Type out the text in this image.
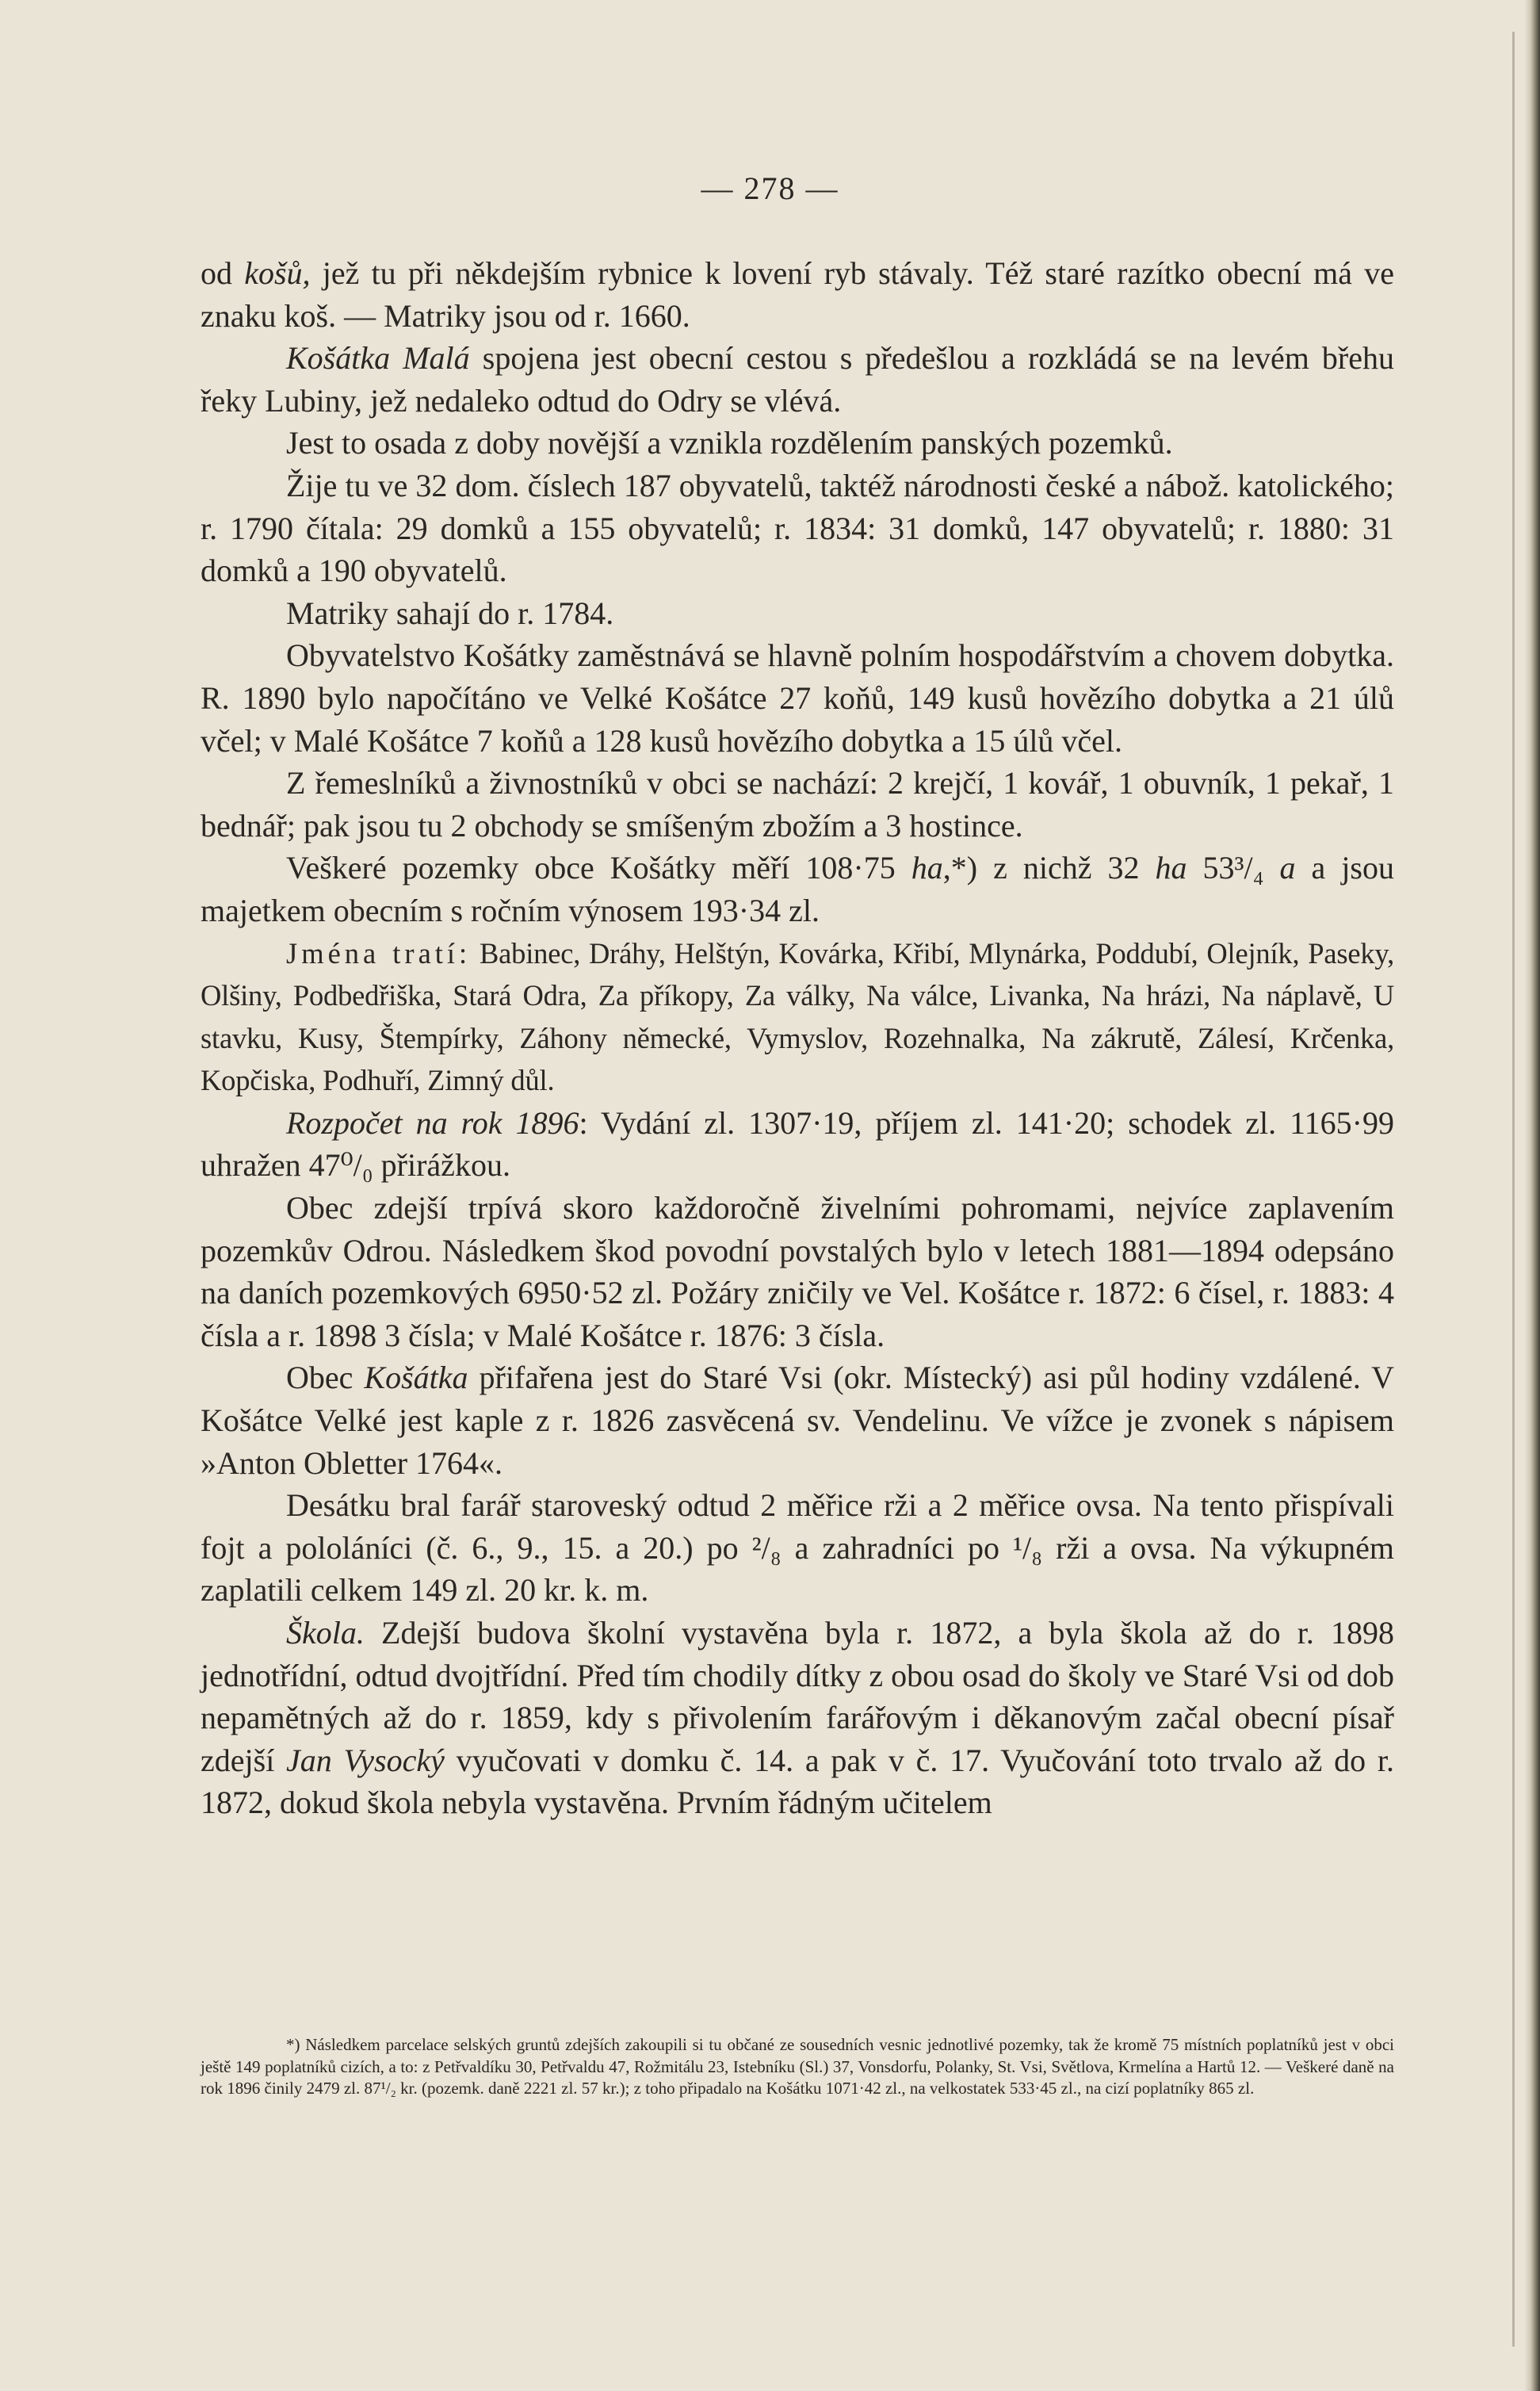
— 278 —

od košů, jež tu při někdejším rybnice k lovení ryb stávaly. Též staré razítko obecní má ve znaku koš. — Matriky jsou od r. 1660.

Košátka Malá spojena jest obecní cestou s předešlou a rozkládá se na levém břehu řeky Lubiny, jež nedaleko odtud do Odry se vlévá.

Jest to osada z doby novější a vznikla rozdělením panských pozemků.

Žije tu ve 32 dom. číslech 187 obyvatelů, taktéž národnosti české a nábož. katolického; r. 1790 čítala: 29 domků a 155 obyvatelů; r. 1834: 31 domků, 147 obyvatelů; r. 1880: 31 domků a 190 obyvatelů.

Matriky sahají do r. 1784.

Obyvatelstvo Košátky zaměstnává se hlavně polním hospodářstvím a chovem dobytka. R. 1890 bylo napočítáno ve Velké Košátce 27 koňů, 149 kusů hovězího dobytka a 21 úlů včel; v Malé Košátce 7 koňů a 128 kusů hovězího dobytka a 15 úlů včel.

Z řemeslníků a živnostníků v obci se nachází: 2 krejčí, 1 kovář, 1 obuvník, 1 pekař, 1 bednář; pak jsou tu 2 obchody se smíšeným zbožím a 3 hostince.

Veškeré pozemky obce Košátky měří 108·75 ha,*) z nichž 32 ha 53³/₄ a a jsou majetkem obecním s ročním výnosem 193·34 zl.

Jména tratí: Babinec, Dráhy, Helštýn, Kovárka, Křibí, Mlynárka, Poddubí, Olejník, Paseky, Olšiny, Podbedřiška, Stará Odra, Za příkopy, Za války, Na válce, Livanka, Na hrázi, Na náplavě, U stavku, Kusy, Štempírky, Záhony německé, Vymyslov, Rozehnalka, Na zákrutě, Zálesí, Krčenka, Kopčiska, Podhuří, Zimný důl.

Rozpočet na rok 1896: Vydání zl. 1307·19, příjem zl. 141·20; schodek zl. 1165·99 uhražen 47⁰/₀ přirážkou.

Obec zdejší trpívá skoro každoročně živelními pohromami, nejvíce zaplavením pozemkův Odrou. Následkem škod povodní povstalých bylo v letech 1881—1894 odepsáno na daních pozemkových 6950·52 zl. Požáry zničily ve Vel. Košátce r. 1872: 6 čísel, r. 1883: 4 čísla a r. 1898 3 čísla; v Malé Košátce r. 1876: 3 čísla.

Obec Košátka přifařena jest do Staré Vsi (okr. Místecký) asi půl hodiny vzdálené. V Košátce Velké jest kaple z r. 1826 zasvěcená sv. Vendelinu. Ve vížce je zvonek s nápisem »Anton Obletter 1764«.

Desátku bral farář staroveský odtud 2 měřice rži a 2 měřice ovsa. Na tento přispívali fojt a pololáníci (č. 6., 9., 15. a 20.) po ²/₈ a zahradníci po ¹/₈ rži a ovsa. Na výkupném zaplatili celkem 149 zl. 20 kr. k. m.

Škola. Zdejší budova školní vystavěna byla r. 1872, a byla škola až do r. 1898 jednotřídní, odtud dvojtřídní. Před tím chodily dítky z obou osad do školy ve Staré Vsi od dob nepamětných až do r. 1859, kdy s přivolením farářovým i děkanovým začal obecní písař zdejší Jan Vysocký vyučovati v domku č. 14. a pak v č. 17. Vyučování toto trvalo až do r. 1872, dokud škola nebyla vystavěna. Prvním řádným učitelem

*) Následkem parcelace selských gruntů zdejších zakoupili si tu občané ze sousedních vesnic jednotlivé pozemky, tak že kromě 75 místních poplatníků jest v obci ještě 149 poplatníků cizích, a to: z Petřvaldíku 30, Petřvaldu 47, Rožmitálu 23, Istebníku (Sl.) 37, Vonsdorfu, Polanky, St. Vsi, Světlova, Krmelína a Hartů 12. — Veškeré daně na rok 1896 činily 2479 zl. 87¹/₂ kr. (pozemk. daně 2221 zl. 57 kr.); z toho připadalo na Košátku 1071·42 zl., na velkostatek 533·45 zl., na cizí poplatníky 865 zl.
